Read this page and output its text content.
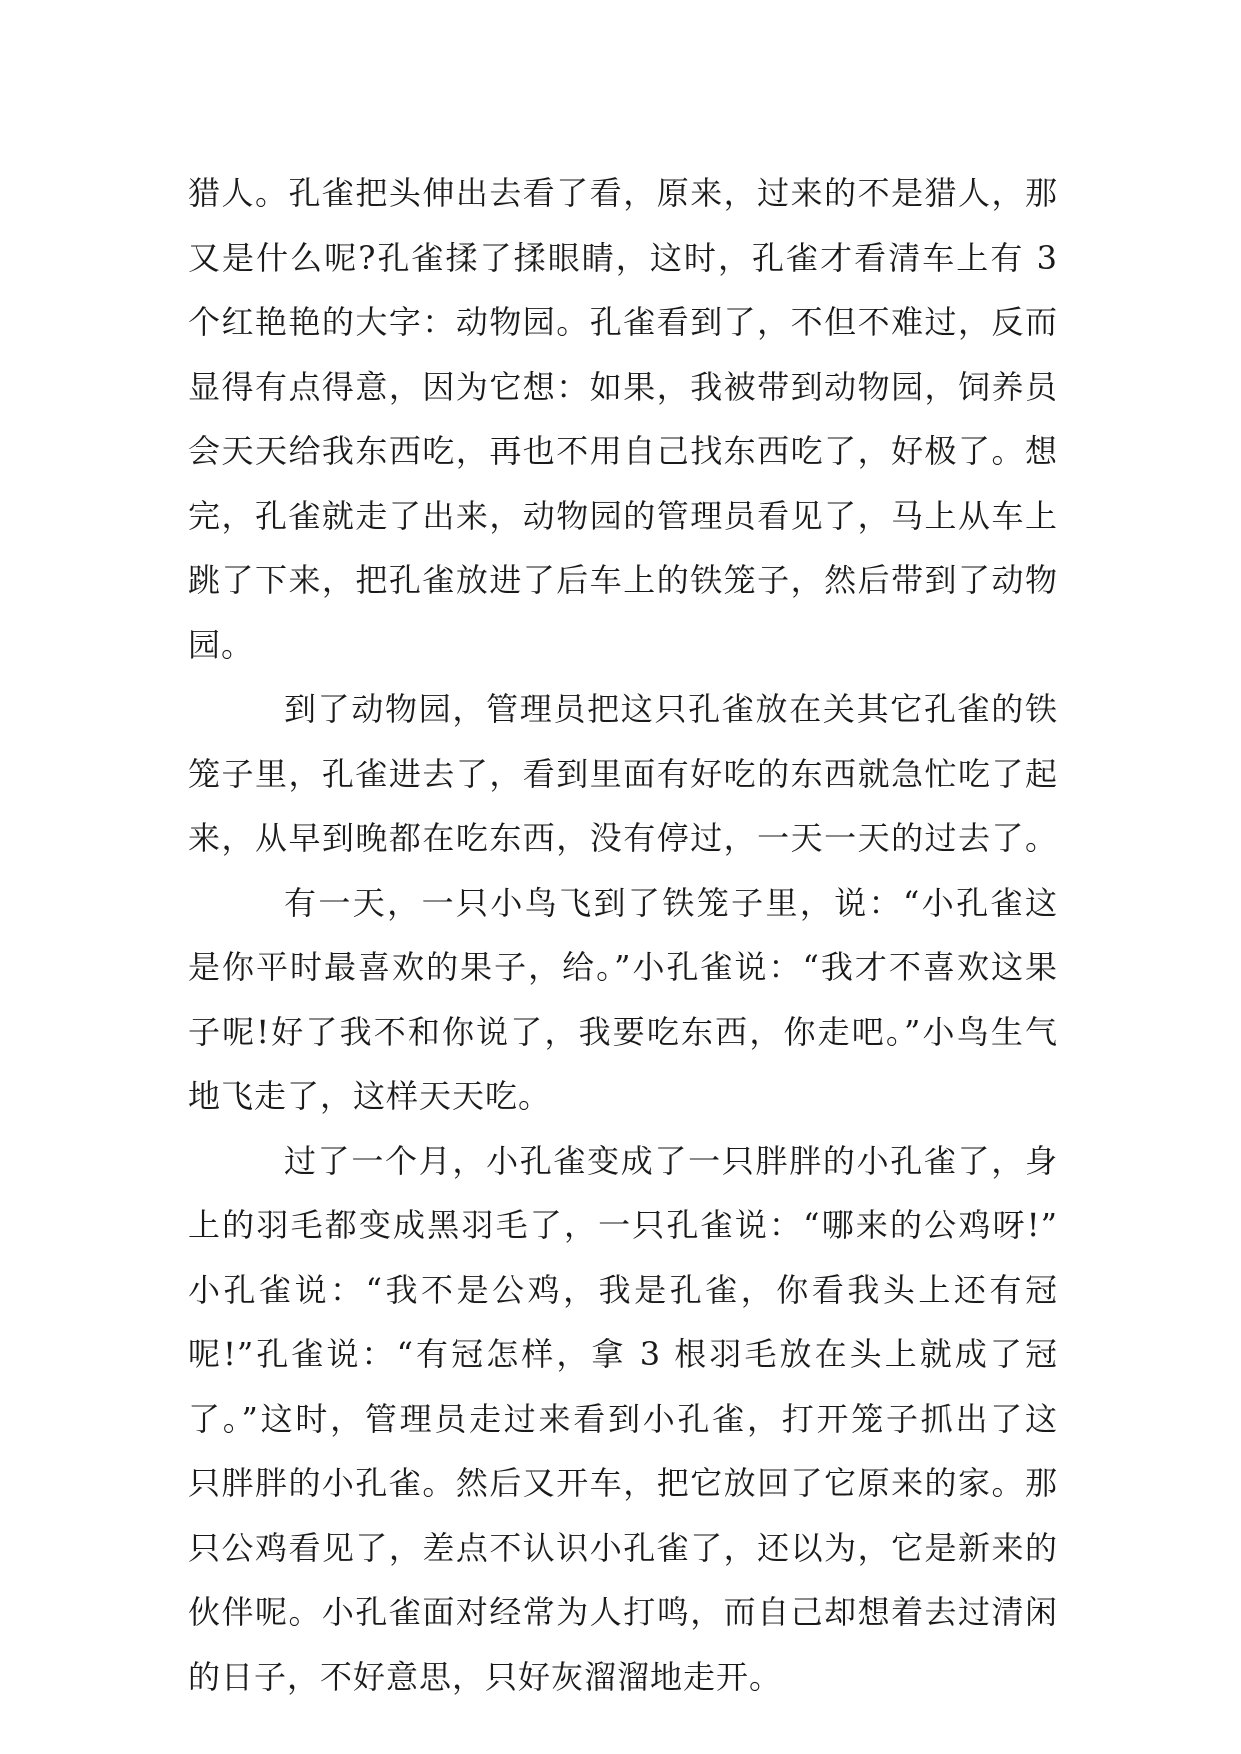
猎人。孔雀把头伸出去看了看，原来，过来的不是猎人，那
又是什么呢?孔雀揉了揉眼睛，这时，孔雀才看清车上有 3
个红艳艳的大字：动物园。孔雀看到了，不但不难过，反而
显得有点得意，因为它想：如果，我被带到动物园，饲养员
会天天给我东西吃，再也不用自己找东西吃了，好极了。想
完，孔雀就走了出来，动物园的管理员看见了，马上从车上
跳了下来，把孔雀放进了后车上的铁笼子，然后带到了动物
园。
到了动物园，管理员把这只孔雀放在关其它孔雀的铁
笼子里，孔雀进去了，看到里面有好吃的东西就急忙吃了起
来，从早到晚都在吃东西，没有停过，一天一天的过去了。
有一天，一只小鸟飞到了铁笼子里，说：“小孔雀这
是你平时最喜欢的果子，给。”小孔雀说：“我才不喜欢这果
子呢!好了我不和你说了，我要吃东西，你走吧。”小鸟生气
地飞走了，这样天天吃。
过了一个月，小孔雀变成了一只胖胖的小孔雀了，身
上的羽毛都变成黑羽毛了，一只孔雀说：“哪来的公鸡呀!”
小孔雀说：“我不是公鸡，我是孔雀，你看我头上还有冠
呢!”孔雀说：“有冠怎样，拿 3 根羽毛放在头上就成了冠
了。”这时，管理员走过来看到小孔雀，打开笼子抓出了这
只胖胖的小孔雀。然后又开车，把它放回了它原来的家。那
只公鸡看见了，差点不认识小孔雀了，还以为，它是新来的
伙伴呢。小孔雀面对经常为人打鸣，而自己却想着去过清闲
的日子，不好意思，只好灰溜溜地走开。
